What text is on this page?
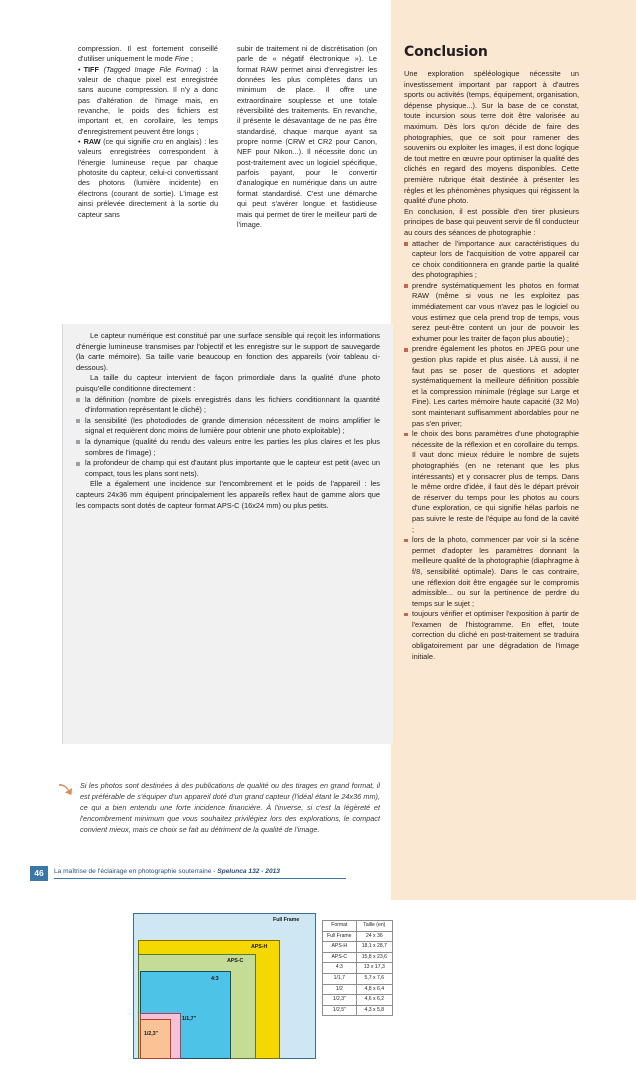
compression. Il est fortement conseillé d'utiliser uniquement le mode Fine ;

• TIFF (Tagged Image File Format) : la valeur de chaque pixel est enregistrée sans aucune compression. Il n'y a donc pas d'altération de l'image mais, en revanche, le poids des fichiers est important et, en corollaire, les temps d'enregistrement peuvent être longs ;

• RAW (ce qui signifie cru en anglais) : les valeurs enregistrées correspondent à l'énergie lumineuse reçue par chaque photosite du capteur, celui-ci convertissant des photons (lumière incidente) en électrons (courant de sortie). L'image est ainsi prélevée directement à la sortie du capteur sans

subir de traitement ni de discrétisation (on parle de « négatif électronique »). Le format RAW permet ainsi d'enregistrer les données les plus complètes dans un minimum de place. Il offre une extraordinaire souplesse et une totale réversibilité des traitements. En revanche, il présente le désavantage de ne pas être standardisé, chaque marque ayant sa propre norme (CRW et CR2 pour Canon, NEF pour Nikon...). Il nécessite donc un post-traitement avec un logiciel spécifique, parfois payant, pour le convertir d'analogique en numérique dans un autre format standardisé. C'est une démarche qui peut s'avérer longue et fastidieuse mais qui permet de tirer le meilleur parti de l'image.

Le capteur numérique est constitué par une surface sensible qui reçoit les informations d'énergie lumineuse transmises par l'objectif et les enregistre sur le support de sauvegarde (la carte mémoire). Sa taille varie beaucoup en fonction des appareils (voir tableau ci-dessous).

La taille du capteur intervient de façon primordiale dans la qualité d'une photo puisqu'elle conditionne directement :

la définition (nombre de pixels enregistrés dans les fichiers conditionnant la quantité d'information représentant le cliché) ;
la sensibilité (les photodiodes de grande dimension nécessitent de moins amplifier le signal et requièrent donc moins de lumière pour obtenir une photo exploitable) ;
la dynamique (qualité du rendu des valeurs entre les parties les plus claires et les plus sombres de l'image) ;
la profondeur de champ qui est d'autant plus importante que le capteur est petit (avec un compact, tous les plans sont nets).

Elle a également une incidence sur l'encombrement et le poids de l'appareil : les capteurs 24x36 mm équipent principalement les appareils reflex haut de gamme alors que les compacts sont dotés de capteur format APS-C (16x24 mm) ou plus petits.

Full Frame
APS-H
APS-C
4:3
1/1,7"
1/2,3"
Format	Taille (en)
Full Frame	24 x 36
APS-H	18,1 x 28,7
APS-C	15,8 x 23,6
4:3	13 x 17,3
1/1,7	5,7 x 7,6
1/2	4,8 x 6,4
1/2,3"	4,6 x 6,2
1/2,5"	4,3 x 5,8
Si les photos sont destinées à des publications de qualité ou des tirages en grand format, il est préférable de s'équiper d'un appareil doté d'un grand capteur (l'idéal étant le 24x36 mm), ce qui a bien entendu une forte incidence financière. À l'inverse, si c'est la légèreté et l'encombrement minimum que vous souhaitez privilégiez lors des explorations, le compact convient mieux, mais ce choix se fait au détriment de la qualité de l'image.
Conclusion

Une exploration spéléologique nécessite un investissement important par rapport à d'autres sports ou activités (temps, équipement, organisation, dépense physique...). Sur la base de ce constat, toute incursion sous terre doit être valorisée au maximum. Dès lors qu'on décide de faire des photographies, que ce soit pour ramener des souvenirs ou exploiter les images, il est donc logique de tout mettre en œuvre pour optimiser la qualité des clichés en regard des moyens disponibles. Cette première rubrique était destinée à présenter les règles et les phénomènes physiques qui régissent la qualité d'une photo.

En conclusion, il est possible d'en tirer plusieurs principes de base qui peuvent servir de fil conducteur au cours des séances de photographie :

attacher de l'importance aux caractéristiques du capteur lors de l'acquisition de votre appareil car ce choix conditionnera en grande partie la qualité des photographies ;
prendre systématiquement les photos en format RAW (même si vous ne les exploitez pas immédiatement car vous n'avez pas le logiciel ou vous estimez que cela prend trop de temps, vous serez peut-être content un jour de pouvoir les exhumer pour les traiter de façon plus aboutie) ;
prendre également les photos en JPEG pour une gestion plus rapide et plus aisée. Là aussi, il ne faut pas se poser de questions et adopter systématiquement la meilleure définition possible et la compression minimale (réglage sur Large et Fine). Les cartes mémoire haute capacité (32 Mo) sont maintenant suffisamment abordables pour ne pas s'en priver;
le choix des bons paramètres d'une photographie nécessite de la réflexion et en corollaire du temps. Il vaut donc mieux réduire le nombre de sujets photographiés (en ne retenant que les plus intéressants) et y consacrer plus de temps. Dans le même ordre d'idée, il faut dès le départ prévoir de réserver du temps pour les photos au cours d'une exploration, ce qui signifie hélas parfois ne pas suivre le reste de l'équipe au fond de la cavité ;
lors de la photo, commencer par voir si la scène permet d'adopter les paramètres donnant la meilleure qualité de la photographie (diaphragme à f/8, sensibilité optimale). Dans le cas contraire, une réflexion doit être engagée sur le compromis admissible... ou sur la pertinence de perdre du temps sur le sujet ;
toujours vérifier et optimiser l'exposition à partir de l'examen de l'histogramme. En effet, toute correction du cliché en post-traitement se traduira obligatoirement par une dégradation de l'image initiale.
46	La maîtrise de l'éclairage en photographie souterraine - Spelunca 132 - 2013
